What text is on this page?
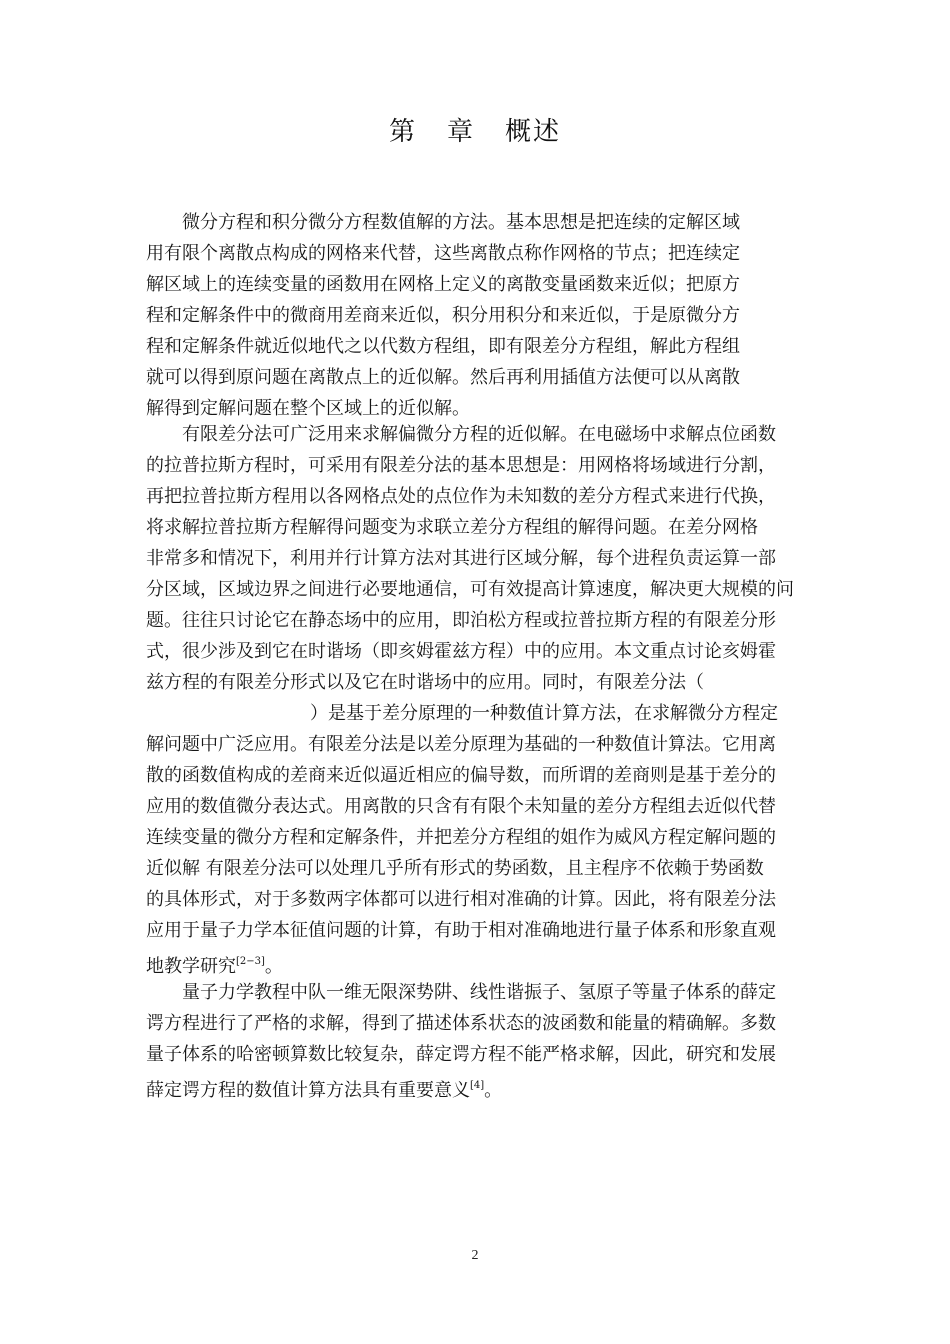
第 章 概述
微分方程和积分微分方程数值解的方法。基本思想是把连续的定解区域
用有限个离散点构成的网格来代替，这些离散点称作网格的节点；把连续定
解区域上的连续变量的函数用在网格上定义的离散变量函数来近似；把原方
程和定解条件中的微商用差商来近似，积分用积分和来近似，于是原微分方
程和定解条件就近似地代之以代数方程组，即有限差分方程组，解此方程组
就可以得到原问题在离散点上的近似解。然后再利用插值方法便可以从离散
解得到定解问题在整个区域上的近似解。
有限差分法可广泛用来求解偏微分方程的近似解。在电磁场中求解点位函数
的拉普拉斯方程时，可采用有限差分法的基本思想是：用网格将场域进行分割，
再把拉普拉斯方程用以各网格点处的点位作为未知数的差分方程式来进行代换，
将求解拉普拉斯方程解得问题变为求联立差分方程组的解得问题。在差分网格
非常多和情况下，利用并行计算方法对其进行区域分解，每个进程负责运算一部
分区域，区域边界之间进行必要地通信，可有效提高计算速度，解决更大规模的问
题。往往只讨论它在静态场中的应用，即泊松方程或拉普拉斯方程的有限差分形
式，很少涉及到它在时谐场（即亥姆霍兹方程）中的应用。本文重点讨论亥姆霍
兹方程的有限差分形式以及它在时谐场中的应用。同时，有限差分法（
）是基于差分原理的一种数值计算方法，在求解微分方程定
解问题中广泛应用。有限差分法是以差分原理为基础的一种数值计算法。它用离
散的函数值构成的差商来近似逼近相应的偏导数，而所谓的差商则是基于差分的
应用的数值微分表达式。用离散的只含有有限个未知量的差分方程组去近似代替
连续变量的微分方程和定解条件，并把差分方程组的姐作为威风方程定解问题的
近似解 有限差分法可以处理几乎所有形式的势函数，且主程序不依赖于势函数
的具体形式，对于多数两字体都可以进行相对准确的计算。因此，将有限差分法
应用于量子力学本征值问题的计算，有助于相对准确地进行量子体系和形象直观
地教学研究[2−3]。
量子力学教程中队一维无限深势阱、线性谐振子、氢原子等量子体系的薛定
谔方程进行了严格的求解，得到了描述体系状态的波函数和能量的精确解。多数
量子体系的哈密顿算数比较复杂，薛定谔方程不能严格求解，因此，研究和发展
薛定谔方程的数值计算方法具有重要意义[4]。
2
